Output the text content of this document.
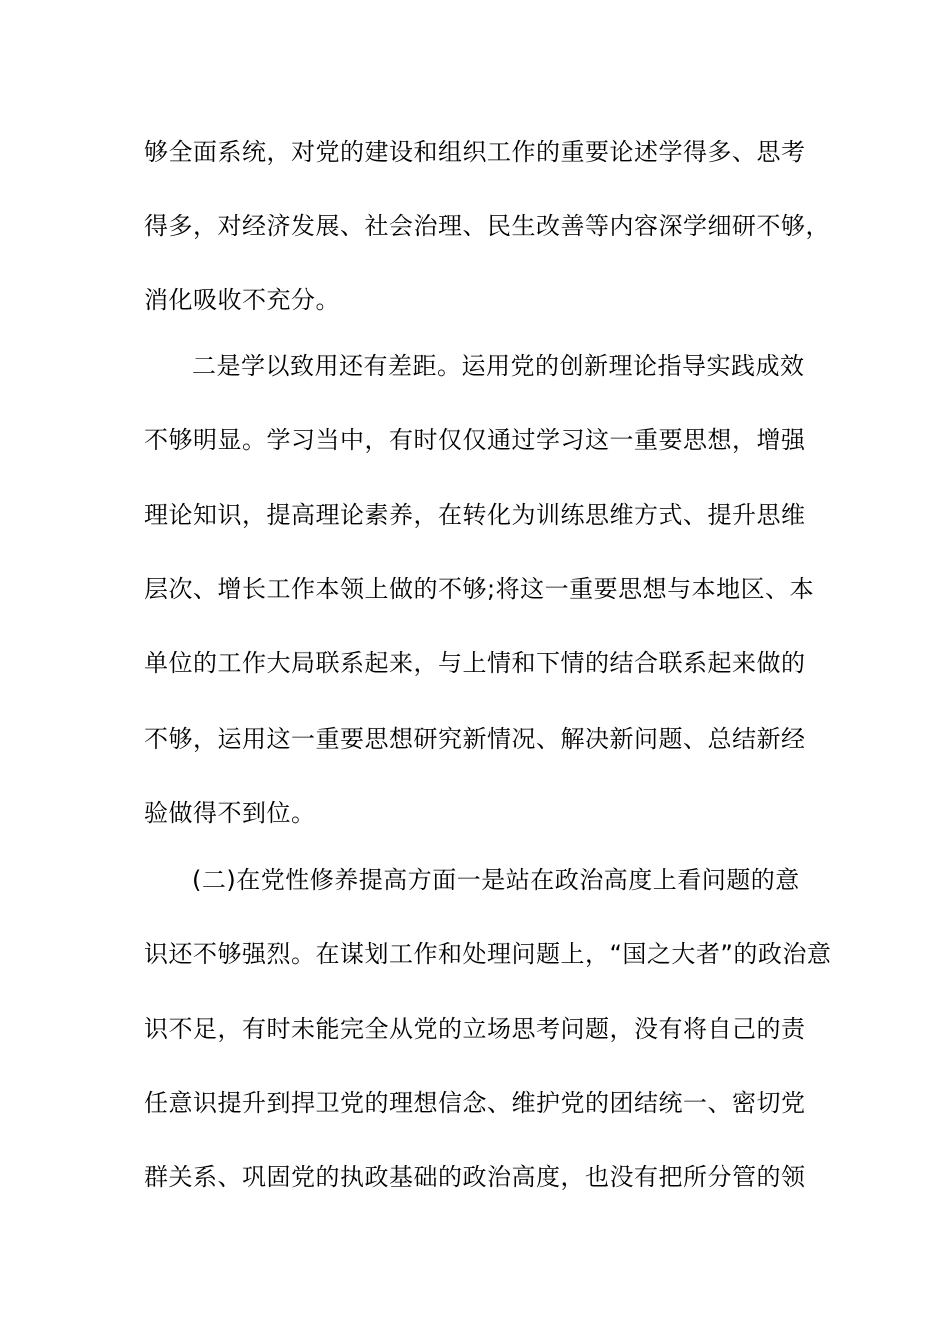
够全面系统，对党的建设和组织工作的重要论述学得多、思考
得多，对经济发展、社会治理、民生改善等内容深学细研不够，
消化吸收不充分。
二是学以致用还有差距。运用党的创新理论指导实践成效
不够明显。学习当中，有时仅仅通过学习这一重要思想，增强
理论知识，提高理论素养，在转化为训练思维方式、提升思维
层次、增长工作本领上做的不够;将这一重要思想与本地区、本
单位的工作大局联系起来，与上情和下情的结合联系起来做的
不够，运用这一重要思想研究新情况、解决新问题、总结新经
验做得不到位。
(二)在党性修养提高方面一是站在政治高度上看问题的意
识还不够强烈。在谋划工作和处理问题上，“国之大者”的政治意
识不足，有时未能完全从党的立场思考问题，没有将自己的责
任意识提升到捍卫党的理想信念、维护党的团结统一、密切党
群关系、巩固党的执政基础的政治高度，也没有把所分管的领
